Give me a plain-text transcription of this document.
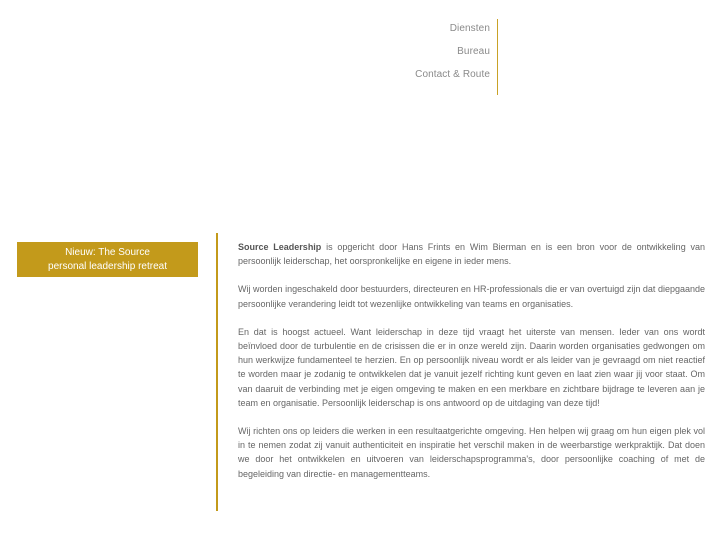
Diensten
Bureau
Contact & Route
Nieuw: The Source
personal leadership retreat

Source Leadership is opgericht door Hans Frints en Wim Bierman en is een bron voor de ontwikkeling van persoonlijk leiderschap, het oorspronkelijke en eigene in ieder mens.

Wij worden ingeschakeld door bestuurders, directeuren en HR-professionals die er van overtuigd zijn dat diepgaande persoonlijke verandering leidt tot wezenlijke ontwikkeling van teams en organisaties.

En dat is hoogst actueel. Want leiderschap in deze tijd vraagt het uiterste van mensen. Ieder van ons wordt beïnvloed door de turbulentie en de crisissen die er in onze wereld zijn. Daarin worden organisaties gedwongen om hun werkwijze fundamenteel te herzien. En op persoonlijk niveau wordt er als leider van je gevraagd om niet reactief te worden maar je zodanig te ontwikkelen dat je vanuit jezelf richting kunt geven en laat zien waar jij voor staat. Om van daaruit de verbinding met je eigen omgeving te maken en een merkbare en zichtbare bijdrage te leveren aan je team en organisatie. Persoonlijk leiderschap is ons antwoord op de uitdaging van deze tijd!

Wij richten ons op leiders die werken in een resultaatgerichte omgeving. Hen helpen wij graag om hun eigen plek vol in te nemen zodat zij vanuit authenticiteit en inspiratie het verschil maken in de weerbarstige werkpraktijk. Dat doen we door het ontwikkelen en uitvoeren van leiderschapsprogramma's, door persoonlijke coaching of met de begeleiding van directie- en managementteams.
